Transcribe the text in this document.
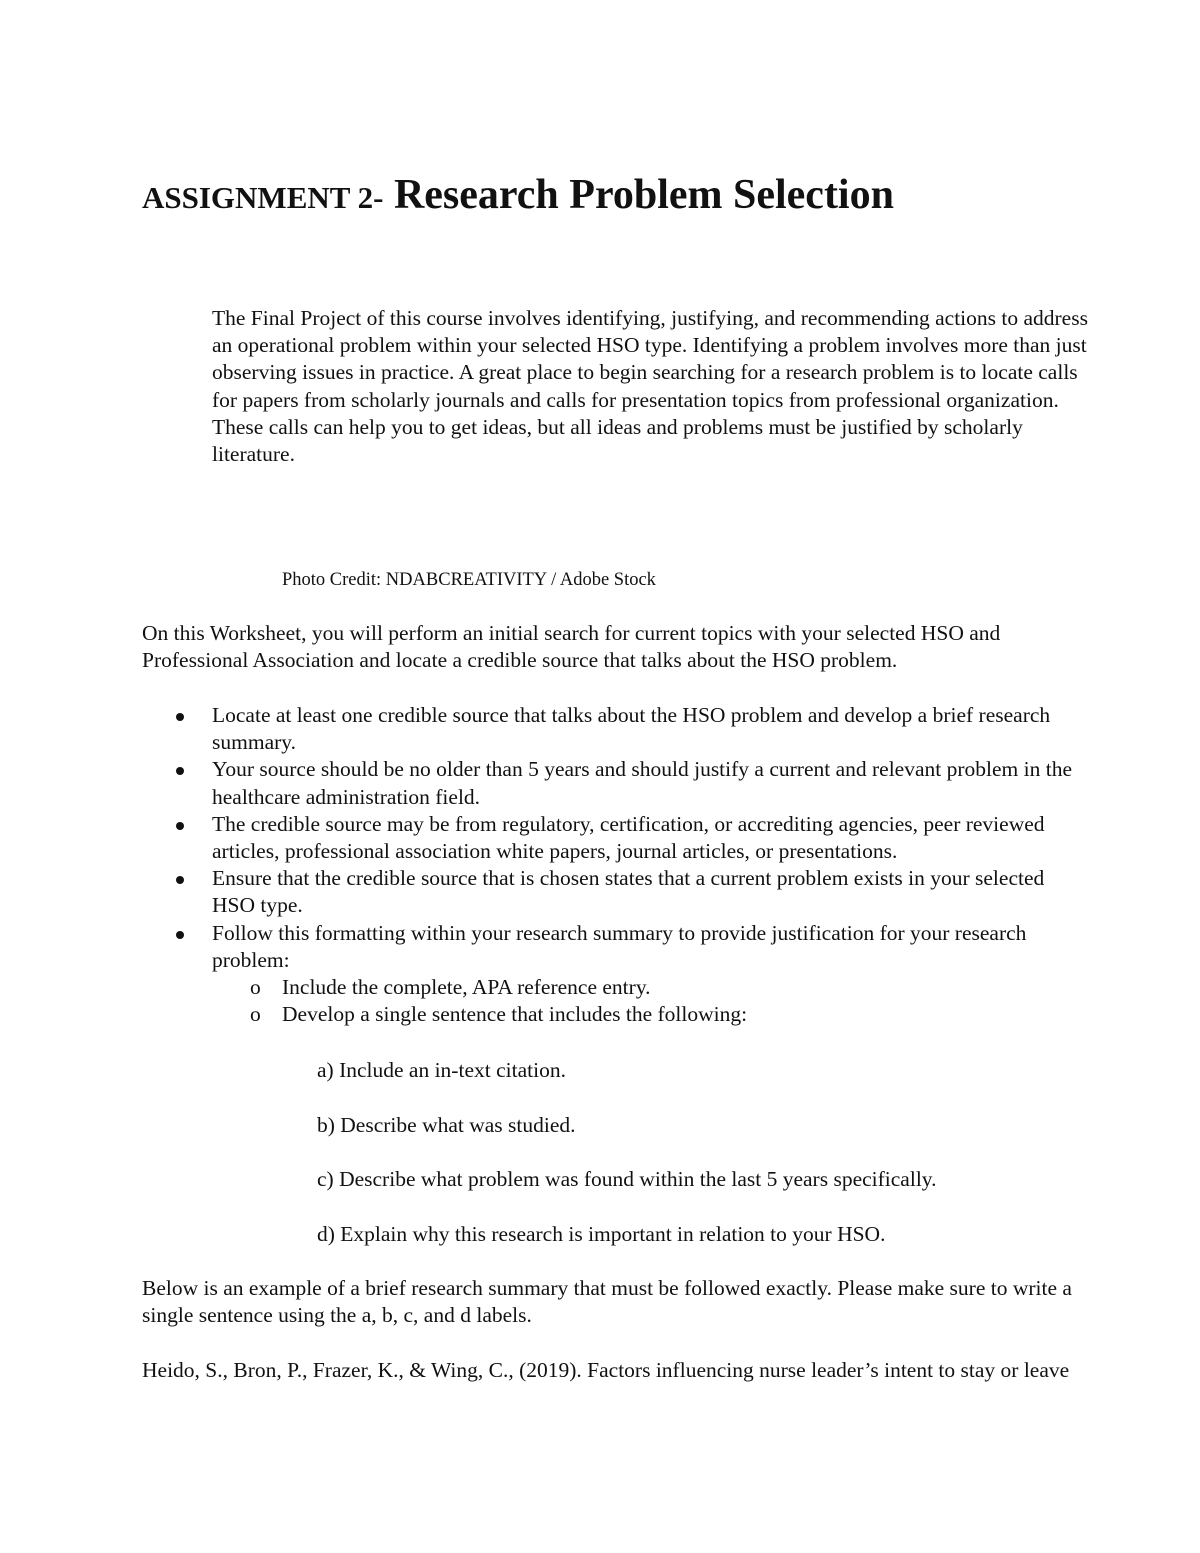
ASSIGNMENT 2- Research Problem Selection

The Final Project of this course involves identifying, justifying, and recommending actions to address an operational problem within your selected HSO type. Identifying a problem involves more than just observing issues in practice. A great place to begin searching for a research problem is to locate calls for papers from scholarly journals and calls for presentation topics from professional organization. These calls can help you to get ideas, but all ideas and problems must be justified by scholarly literature.

Photo Credit: NDABCREATIVITY / Adobe Stock

On this Worksheet, you will perform an initial search for current topics with your selected HSO and Professional Association and locate a credible source that talks about the HSO problem.

Locate at least one credible source that talks about the HSO problem and develop a brief research summary.
Your source should be no older than 5 years and should justify a current and relevant problem in the healthcare administration field.
The credible source may be from regulatory, certification, or accrediting agencies, peer reviewed articles, professional association white papers, journal articles, or presentations.
Ensure that the credible source that is chosen states that a current problem exists in your selected HSO type.
Follow this formatting within your research summary to provide justification for your research problem:
o Include the complete, APA reference entry.
o Develop a single sentence that includes the following:
a) Include an in-text citation.
b) Describe what was studied.
c) Describe what problem was found within the last 5 years specifically.
d) Explain why this research is important in relation to your HSO.

Below is an example of a brief research summary that must be followed exactly. Please make sure to write a single sentence using the a, b, c, and d labels.

Heido, S., Bron, P., Frazer, K., & Wing, C., (2019). Factors influencing nurse leader’s intent to stay or leave
